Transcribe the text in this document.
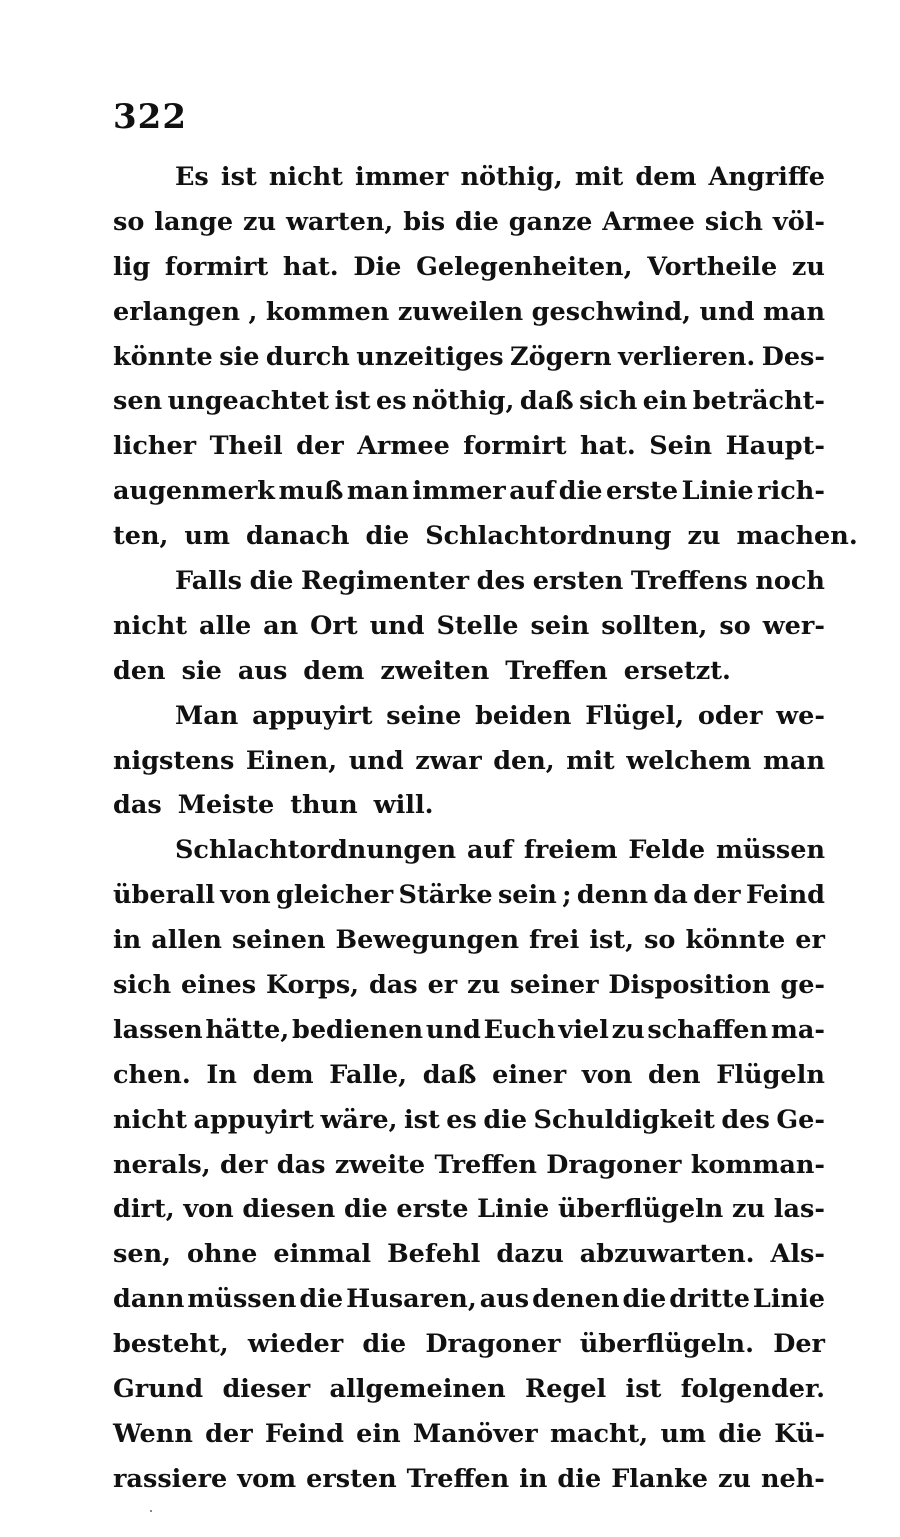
322
Es ist nicht immer nöthig, mit dem Angriffe
so lange zu warten, bis die ganze Armee sich völ-
lig formirt hat. Die Gelegenheiten, Vortheile zu
erlangen , kommen zuweilen geschwind, und man
könnte sie durch unzeitiges Zögern verlieren. Des-
sen ungeachtet ist es nöthig, daß sich ein beträcht-
licher Theil der Armee formirt hat. Sein Haupt-
augenmerk muß man immer auf die erste Linie rich-
ten, um danach die Schlachtordnung zu machen.
Falls die Regimenter des ersten Treffens noch
nicht alle an Ort und Stelle sein sollten, so wer-
den sie aus dem zweiten Treffen ersetzt.
Man appuyirt seine beiden Flügel, oder we-
nigstens Einen, und zwar den, mit welchem man
das Meiste thun will.
Schlachtordnungen auf freiem Felde müssen
überall von gleicher Stärke sein ; denn da der Feind
in allen seinen Bewegungen frei ist, so könnte er
sich eines Korps, das er zu seiner Disposition ge-
lassen hätte, bedienen und Euch viel zu schaffen ma-
chen. In dem Falle, daß einer von den Flügeln
nicht appuyirt wäre, ist es die Schuldigkeit des Ge-
nerals, der das zweite Treffen Dragoner komman-
dirt, von diesen die erste Linie überflügeln zu las-
sen, ohne einmal Befehl dazu abzuwarten. Als-
dann müssen die Husaren, aus denen die dritte Linie
besteht, wieder die Dragoner überflügeln. Der
Grund dieser allgemeinen Regel ist folgender.
Wenn der Feind ein Manöver macht, um die Kü-
rassiere vom ersten Treffen in die Flanke zu neh-
